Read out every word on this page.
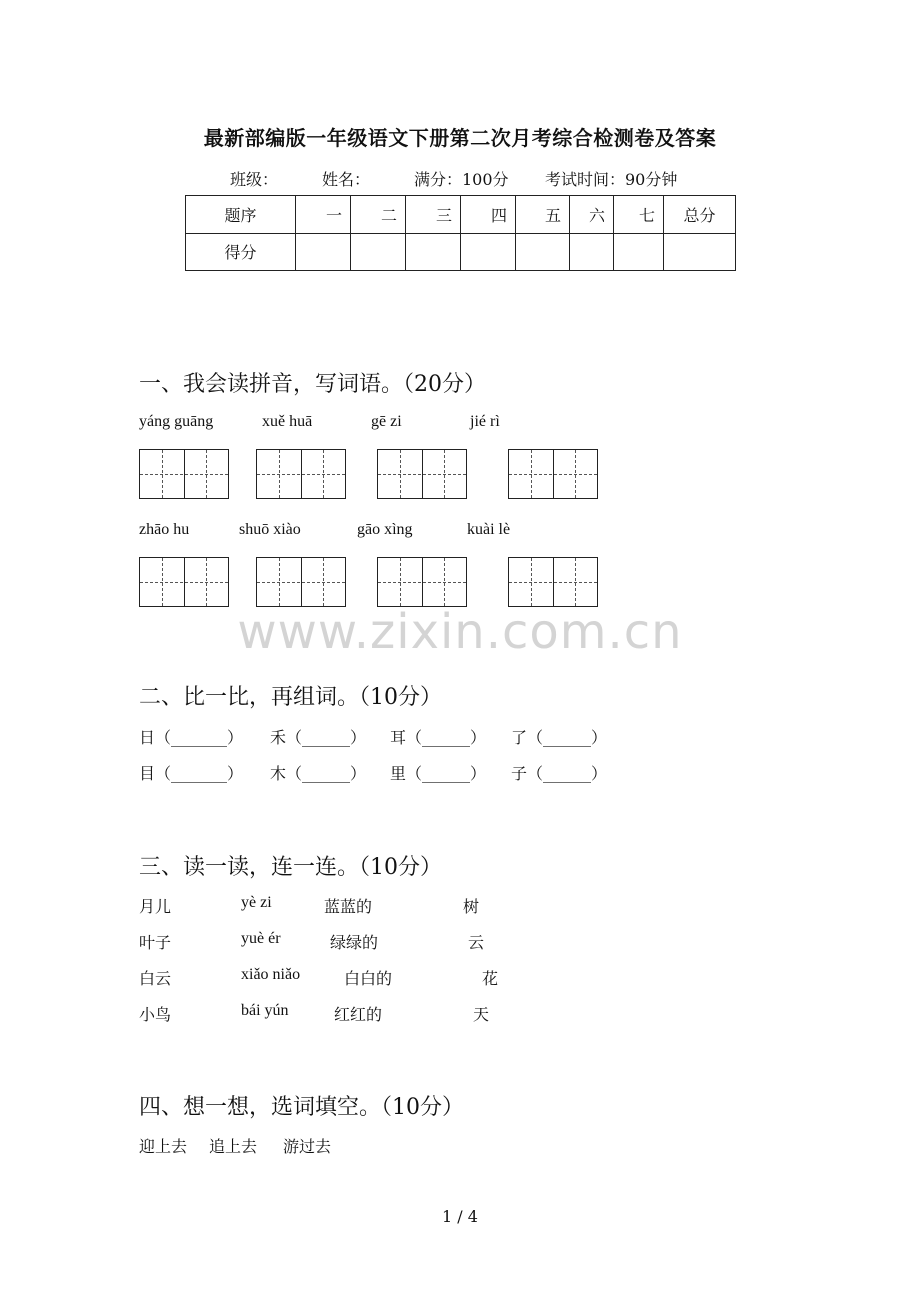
最新部编版一年级语文下册第二次月考综合检测卷及答案
班级：	姓名：	满分：100分 考试时间：90分钟
题序	一	二	三	四	五	六	七	总分
得分								
一、我会读拼音，写词语。（20分）
yáng guāng	xuě huā	gē zi	jié rì
zhāo hu	shuō xiào	gāo xìng	kuài lè
www.zixin.com.cn
二、比一比，再组词。（10分）
日（_______） 禾（______） 耳（______） 了（______）
目（_______） 木（______） 里（______） 子（______）
三、读一读，连一连。（10分）
月儿	yè zi	蓝蓝的	树
叶子	yuè ér	绿绿的	云
白云	xiǎo niǎo	白白的	花
小鸟	bái yún	红红的	天
四、想一想，选词填空。（10分）
迎上去 追上去 游过去
1 / 4
